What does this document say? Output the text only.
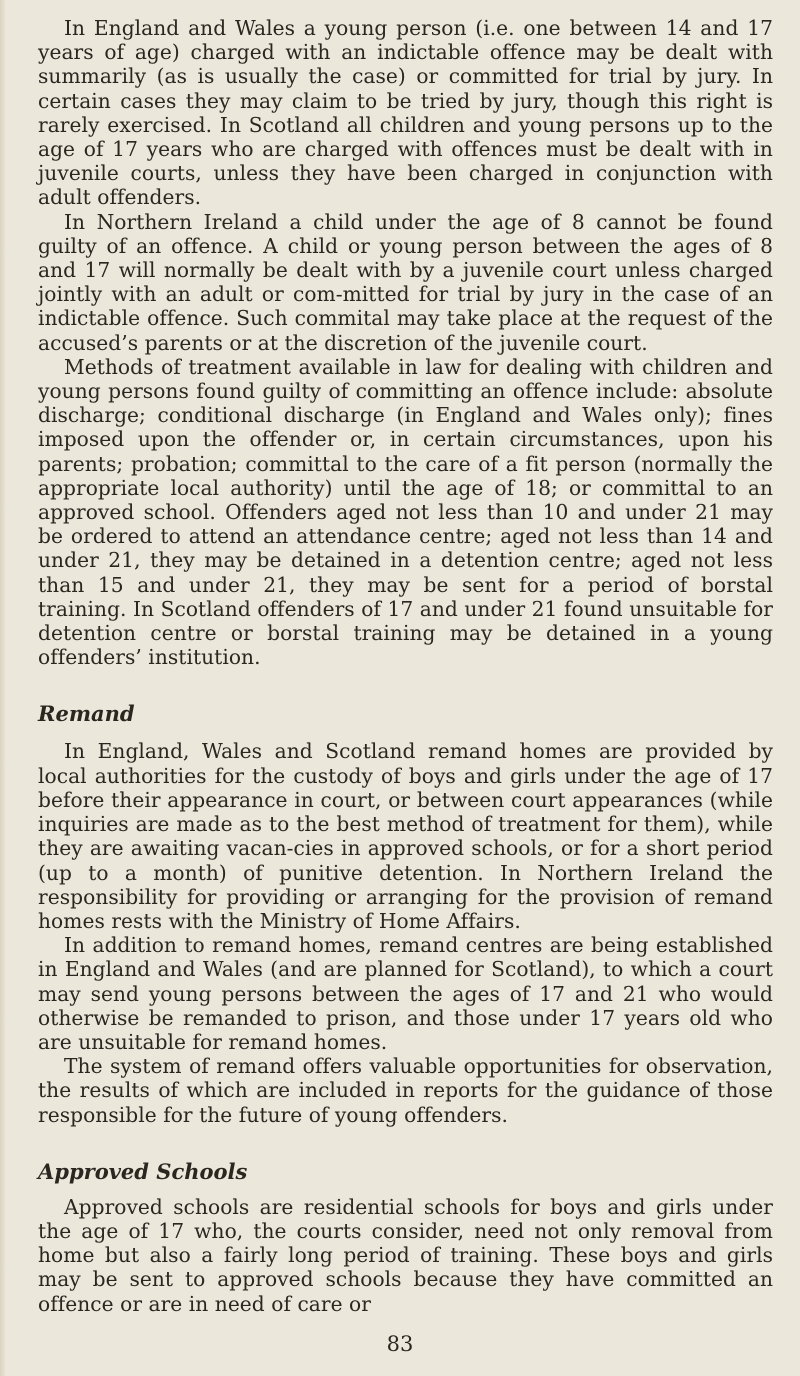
In England and Wales a young person (i.e. one between 14 and 17 years of age) charged with an indictable offence may be dealt with summarily (as is usually the case) or committed for trial by jury. In certain cases they may claim to be tried by jury, though this right is rarely exercised. In Scotland all children and young persons up to the age of 17 years who are charged with offences must be dealt with in juvenile courts, unless they have been charged in conjunction with adult offenders.

In Northern Ireland a child under the age of 8 cannot be found guilty of an offence. A child or young person between the ages of 8 and 17 will normally be dealt with by a juvenile court unless charged jointly with an adult or com-mitted for trial by jury in the case of an indictable offence. Such commital may take place at the request of the accused’s parents or at the discretion of the juvenile court.

Methods of treatment available in law for dealing with children and young persons found guilty of committing an offence include: absolute discharge; conditional discharge (in England and Wales only); fines imposed upon the offender or, in certain circumstances, upon his parents; probation; committal to the care of a fit person (normally the appropriate local authority) until the age of 18; or committal to an approved school. Offenders aged not less than 10 and under 21 may be ordered to attend an attendance centre; aged not less than 14 and under 21, they may be detained in a detention centre; aged not less than 15 and under 21, they may be sent for a period of borstal training. In Scotland offenders of 17 and under 21 found unsuitable for detention centre or borstal training may be detained in a young offenders’ institution.

Remand

In England, Wales and Scotland remand homes are provided by local authorities for the custody of boys and girls under the age of 17 before their appearance in court, or between court appearances (while inquiries are made as to the best method of treatment for them), while they are awaiting vacan-cies in approved schools, or for a short period (up to a month) of punitive detention. In Northern Ireland the responsibility for providing or arranging for the provision of remand homes rests with the Ministry of Home Affairs.

In addition to remand homes, remand centres are being established in England and Wales (and are planned for Scotland), to which a court may send young persons between the ages of 17 and 21 who would otherwise be remanded to prison, and those under 17 years old who are unsuitable for remand homes.

The system of remand offers valuable opportunities for observation, the results of which are included in reports for the guidance of those responsible for the future of young offenders.

Approved Schools

Approved schools are residential schools for boys and girls under the age of 17 who, the courts consider, need not only removal from home but also a fairly long period of training. These boys and girls may be sent to approved schools because they have committed an offence or are in need of care or

83
